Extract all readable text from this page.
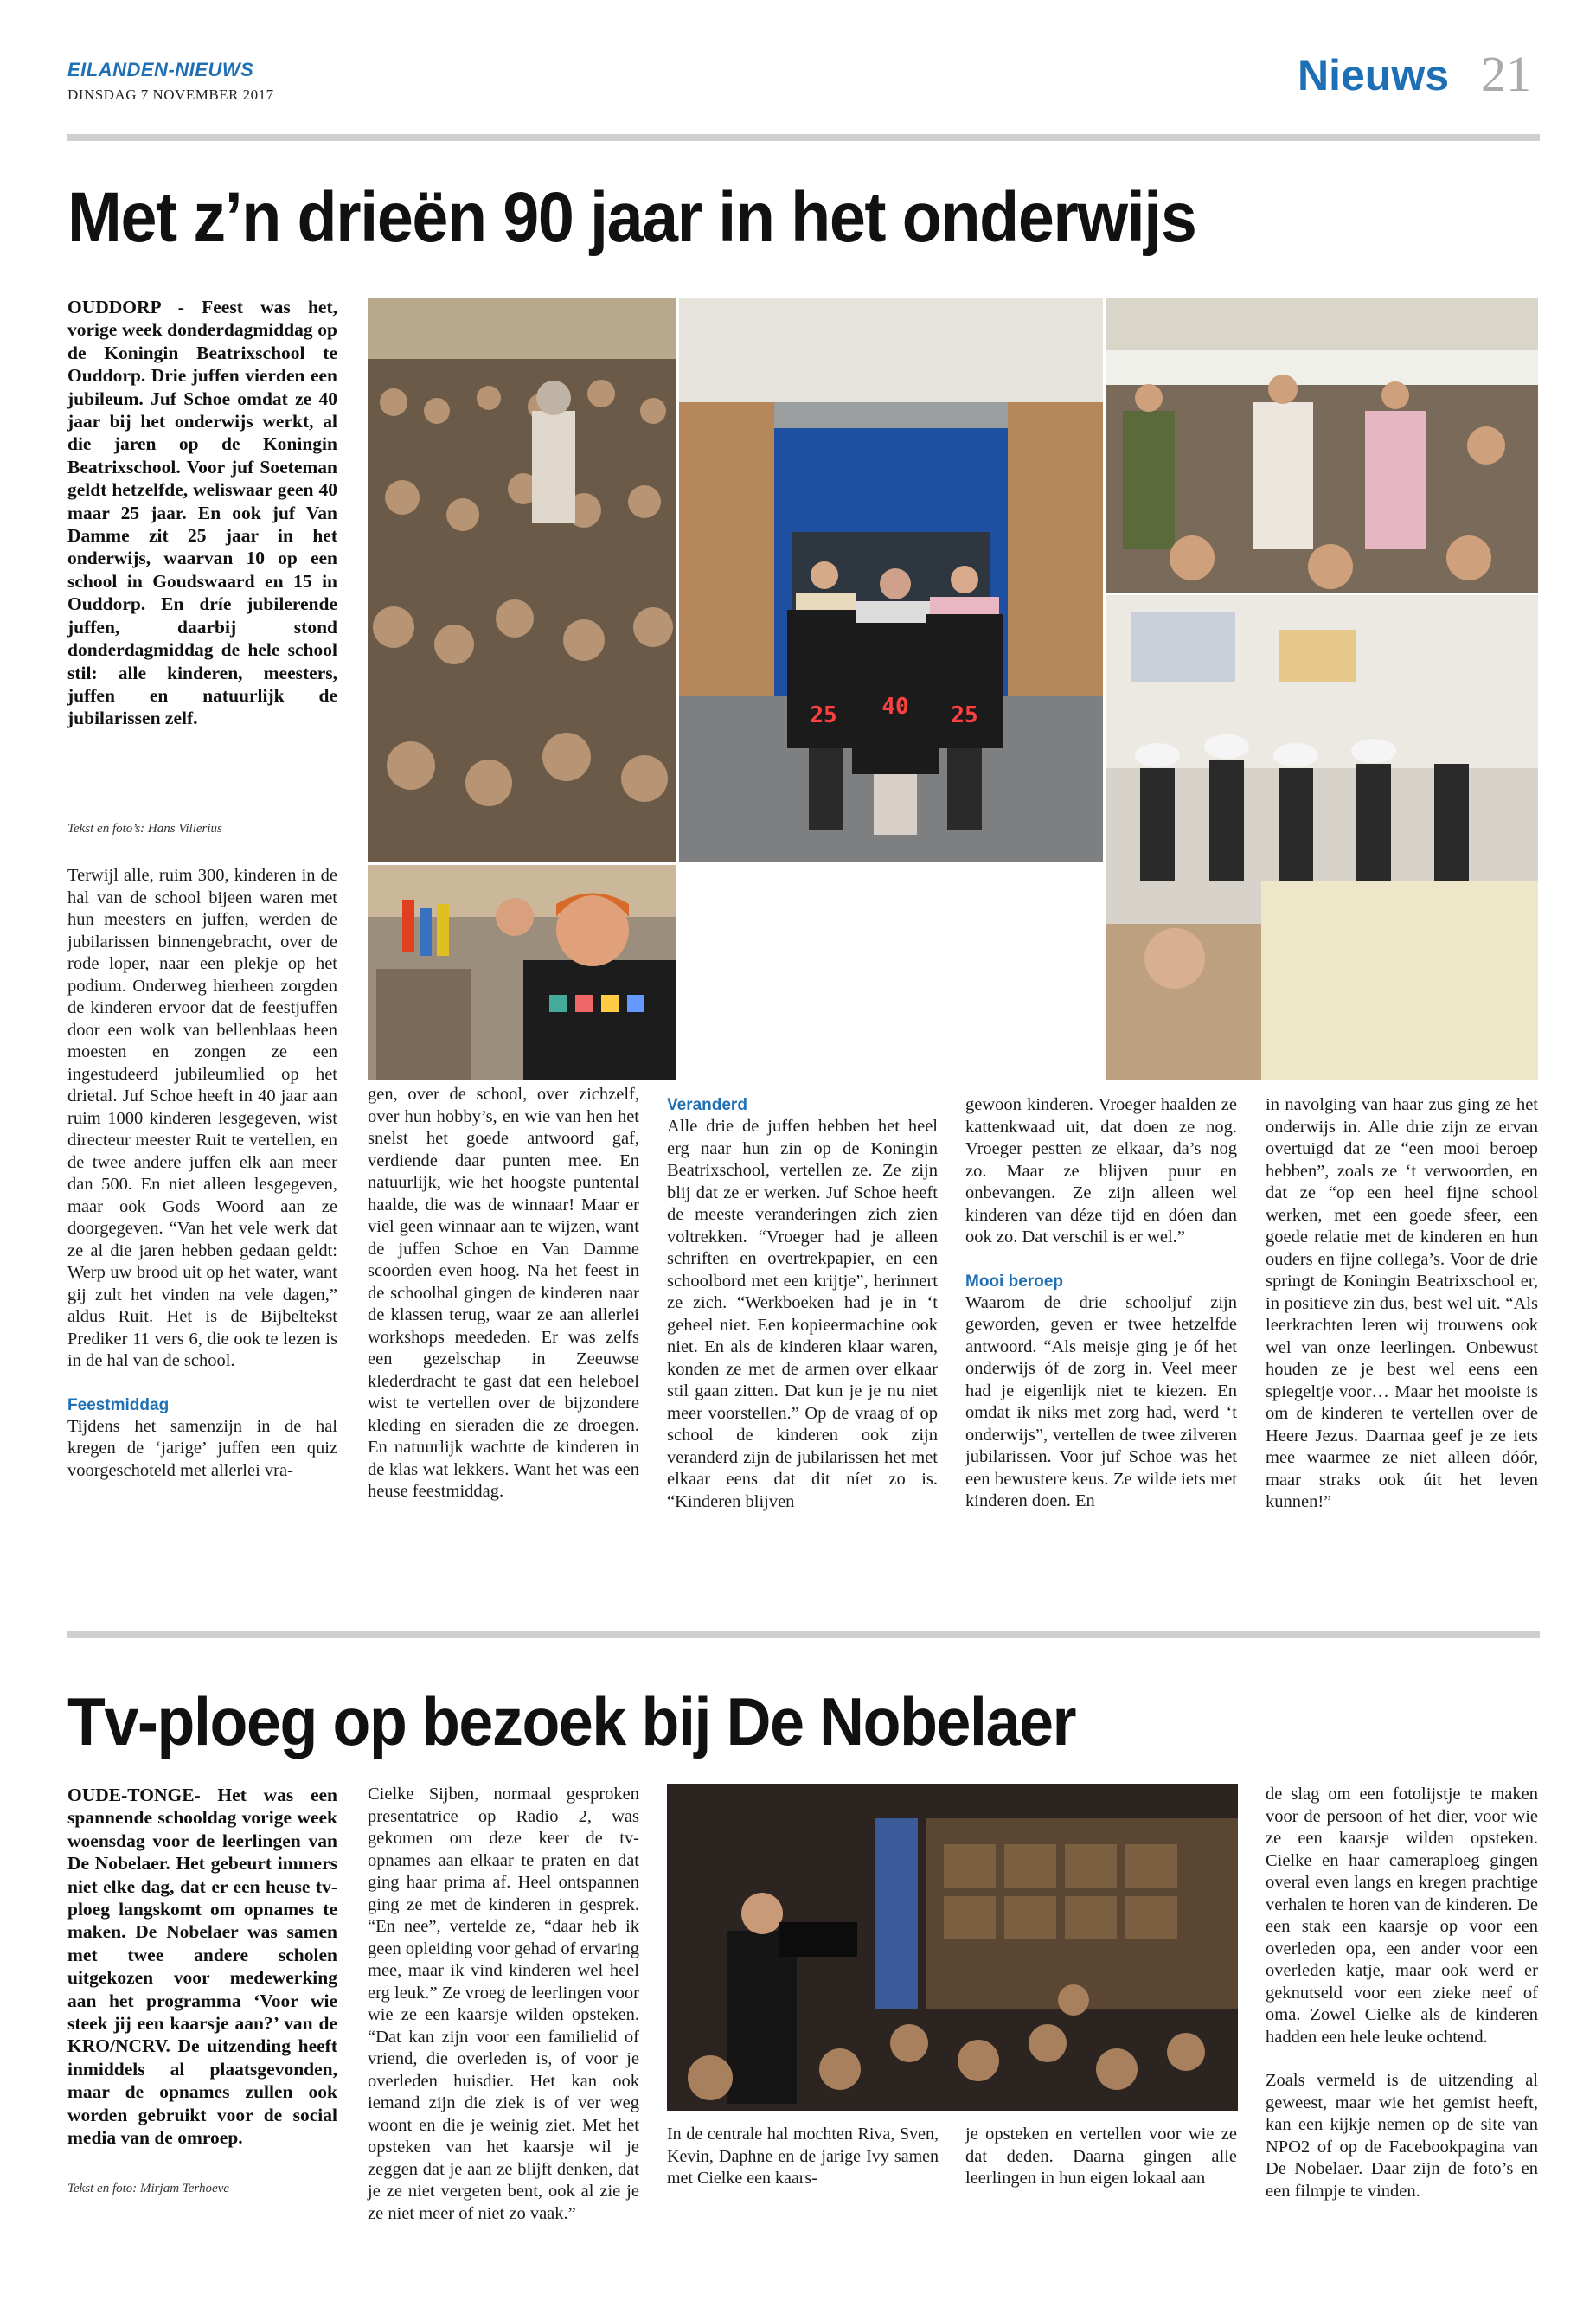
EILANDEN-NIEUWS
DINSDAG 7 NOVEMBER 2017	Nieuws 21
Met z’n drieën 90 jaar in het onderwijs
OUDDORP - Feest was het, vorige week donderdagmiddag op de Koningin Beatrixschool te Ouddorp. Drie juffen vierden een jubileum. Juf Schoe omdat ze 40 jaar bij het onderwijs werkt, al die jaren op de Koningin Beatrixschool. Voor juf Soeteman geldt hetzelfde, weliswaar geen 40 maar 25 jaar. En ook juf Van Damme zit 25 jaar in het onderwijs, waarvan 10 op een school in Goudswaard en 15 in Ouddorp. En dríe jubilerende juffen, daarbij stond donderdagmiddag de hele school stil: alle kinderen, meesters, juffen en natuurlijk de jubilarissen zelf.
Tekst en foto’s: Hans Villerius
25 40 25

Terwijl alle, ruim 300, kinderen in de hal van de school bijeen waren met hun meesters en juffen, werden de jubilarissen binnengebracht, over de rode loper, naar een plekje op het podium. Onderweg hierheen zorgden de kinderen ervoor dat de feestjuffen door een wolk van bellenblaas heen moesten en zongen ze een ingestudeerd jubileumlied op het drietal. Juf Schoe heeft in 40 jaar aan ruim 1000 kinderen lesgegeven, wist directeur meester Ruit te vertellen, en de twee andere juffen elk aan meer dan 500. En niet alleen lesgegeven, maar ook Gods Woord aan ze doorgegeven. “Van het vele werk dat ze al die jaren hebben gedaan geldt: Werp uw brood uit op het water, want gij zult het vinden na vele dagen,” aldus Ruit. Het is de Bijbeltekst Prediker 11 vers 6, die ook te lezen is in de hal van de school.

Feestmiddag

Tijdens het samenzijn in de hal kregen de ‘jarige’ juffen een quiz voorgeschoteld met allerlei vra-

gen, over de school, over zichzelf, over hun hobby’s, en wie van hen het snelst het goede antwoord gaf, verdiende daar punten mee. En natuurlijk, wie het hoogste puntental haalde, die was de winnaar! Maar er viel geen winnaar aan te wijzen, want de juffen Schoe en Van Damme scoorden even hoog. Na het feest in de schoolhal gingen de kinderen naar de klassen terug, waar ze aan allerlei workshops meededen. Er was zelfs een gezelschap in Zeeuwse klederdracht te gast dat een heleboel wist te vertellen over de bijzondere kleding en sieraden die ze droegen. En natuurlijk wachtte de kinderen in de klas wat lekkers. Want het was een heuse feestmiddag.

Veranderd

Alle drie de juffen hebben het heel erg naar hun zin op de Koningin Beatrixschool, vertellen ze. Ze zijn blij dat ze er werken. Juf Schoe heeft de meeste veranderingen zich zien voltrekken. “Vroeger had je alleen schriften en overtrekpapier, en een schoolbord met een krijtje”, herinnert ze zich. “Werkboeken had je in ‘t geheel niet. Een kopieermachine ook niet. En als de kinderen klaar waren, konden ze met de armen over elkaar stil gaan zitten. Dat kun je je nu niet meer voorstellen.” Op de vraag of op school de kinderen ook zijn veranderd zijn de jubilarissen het met elkaar eens dat dit níet zo is. “Kinderen blijven

gewoon kinderen. Vroeger haalden ze kattenkwaad uit, dat doen ze nog. Vroeger pestten ze elkaar, da’s nog zo. Maar ze blijven puur en onbevangen. Ze zijn alleen wel kinderen van déze tijd en dóen dan ook zo. Dat verschil is er wel.”

Mooi beroep

Waarom de drie schooljuf zijn geworden, geven er twee hetzelfde antwoord. “Als meisje ging je óf het onderwijs óf de zorg in. Veel meer had je eigenlijk niet te kiezen. En omdat ik niks met zorg had, werd ‘t onderwijs”, vertellen de twee zilveren jubilarissen. Voor juf Schoe was het een bewustere keus. Ze wilde iets met kinderen doen. En

in navolging van haar zus ging ze het onderwijs in. Alle drie zijn ze ervan overtuigd dat ze “een mooi beroep hebben”, zoals ze ‘t verwoorden, en dat ze “op een heel fijne school werken, met een goede sfeer, een goede relatie met de kinderen en hun ouders en fijne collega’s. Voor de drie springt de Koningin Beatrixschool er, in positieve zin dus, best wel uit. “Als leerkrachten leren wij trouwens ook wel van onze leerlingen. Onbewust houden ze je best wel eens een spiegeltje voor… Maar het mooiste is om de kinderen te vertellen over de Heere Jezus. Daarnaa geef je ze iets mee waarmee ze niet alleen dóór, maar straks ook úit het leven kunnen!”

Tv-ploeg op bezoek bij De Nobelaer
OUDE-TONGE- Het was een spannende schooldag vorige week woensdag voor de leerlingen van De Nobelaer. Het gebeurt immers niet elke dag, dat er een heuse tv-ploeg langskomt om opnames te maken. De Nobelaer was samen met twee andere scholen uitgekozen voor medewerking aan het programma ‘Voor wie steek jij een kaarsje aan?’ van de KRO/NCRV. De uitzending heeft inmiddels al plaatsgevonden, maar de opnames zullen ook worden gebruikt voor de social media van de omroep.
Tekst en foto: Mirjam Terhoeve

Cielke Sijben, normaal gesproken presentatrice op Radio 2, was gekomen om deze keer de tv-opnames aan elkaar te praten en dat ging haar prima af. Heel ontspannen ging ze met de kinderen in gesprek. “En nee”, vertelde ze, “daar heb ik geen opleiding voor gehad of ervaring mee, maar ik vind kinderen wel heel erg leuk.” Ze vroeg de leerlingen voor wie ze een kaarsje wilden opsteken. “Dat kan zijn voor een familielid of vriend, die overleden is, of voor je overleden huisdier. Het kan ook iemand zijn die ziek is of ver weg woont en die je weinig ziet. Met het opsteken van het kaarsje wil je zeggen dat je aan ze blijft denken, dat je ze niet vergeten bent, ook al zie je ze niet meer of niet zo vaak.”

In de centrale hal mochten Riva, Sven, Kevin, Daphne en de jarige Ivy samen met Cielke een kaars-

je opsteken en vertellen voor wie ze dat deden. Daarna gingen alle leerlingen in hun eigen lokaal aan

de slag om een fotolijstje te maken voor de persoon of het dier, voor wie ze een kaarsje wilden opsteken. Cielke en haar cameraploeg gingen overal even langs en kregen prachtige verhalen te horen van de kinderen. De een stak een kaarsje op voor een overleden opa, een ander voor een overleden katje, maar ook werd er geknutseld voor een zieke neef of oma. Zowel Cielke als de kinderen hadden een hele leuke ochtend.

Zoals vermeld is de uitzending al geweest, maar wie het gemist heeft, kan een kijkje nemen op de site van NPO2 of op de Facebookpagina van De Nobelaer. Daar zijn de foto’s en een filmpje te vinden.
